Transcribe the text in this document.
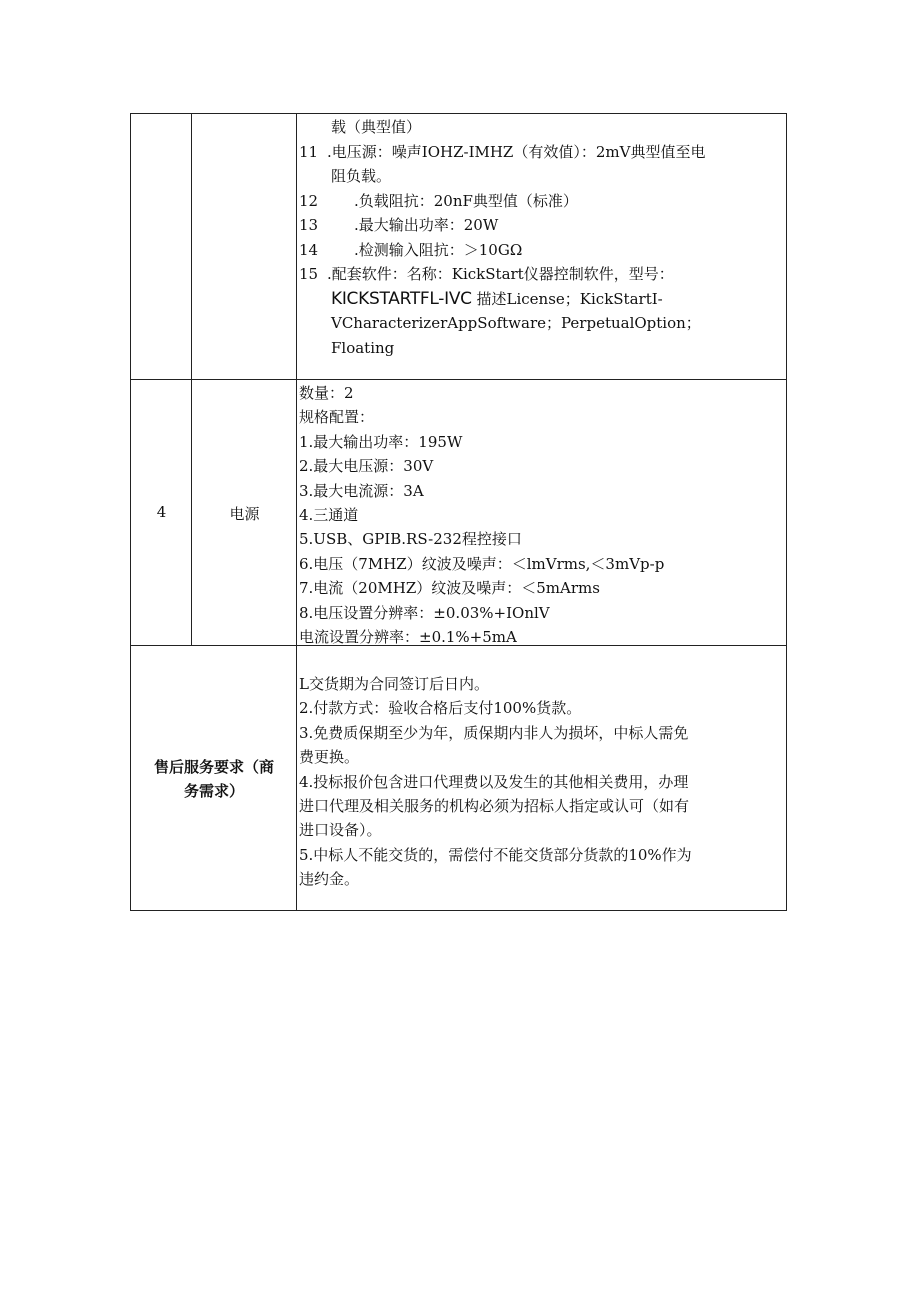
载（典型值）
11 .电压源：噪声IOHZ-IMHZ（有效值）：2mV典型值至电
阻负载。
12 .负载阻抗：20nF典型值（标准）
13 .最大输出功率：20W
14 .检测输入阻抗：＞10GΩ
15 .配套软件：名称：KickStart仪器控制软件，型号：
KICKSTARTFL-IVC 描述License；KickStartI-
VCharacterizerAppSoftware；PerpetualOption；
Floating
4	电源
数量：2
规格配置：
1.最大输出功率：195W
2.最大电压源：30V
3.最大电流源：3A
4.三通道
5.USB、GPIB.RS-232程控接口
6.电压（7MHZ）纹波及噪声：＜lmVrms,＜3mVp-p
7.电流（20MHZ）纹波及噪声：＜5mArms
8.电压设置分辨率：±0.03%+IOnlV
电流设置分辨率：±0.1%+5mA
售后服务要求（商
务需求）
L交货期为合同签订后日内。
2.付款方式：验收合格后支付100%货款。
3.免费质保期至少为年，质保期内非人为损坏，中标人需免
费更换。
4.投标报价包含进口代理费以及发生的其他相关费用，办理
进口代理及相关服务的机构必须为招标人指定或认可（如有
进口设备）。
5.中标人不能交货的，需偿付不能交货部分货款的10%作为
违约金。
